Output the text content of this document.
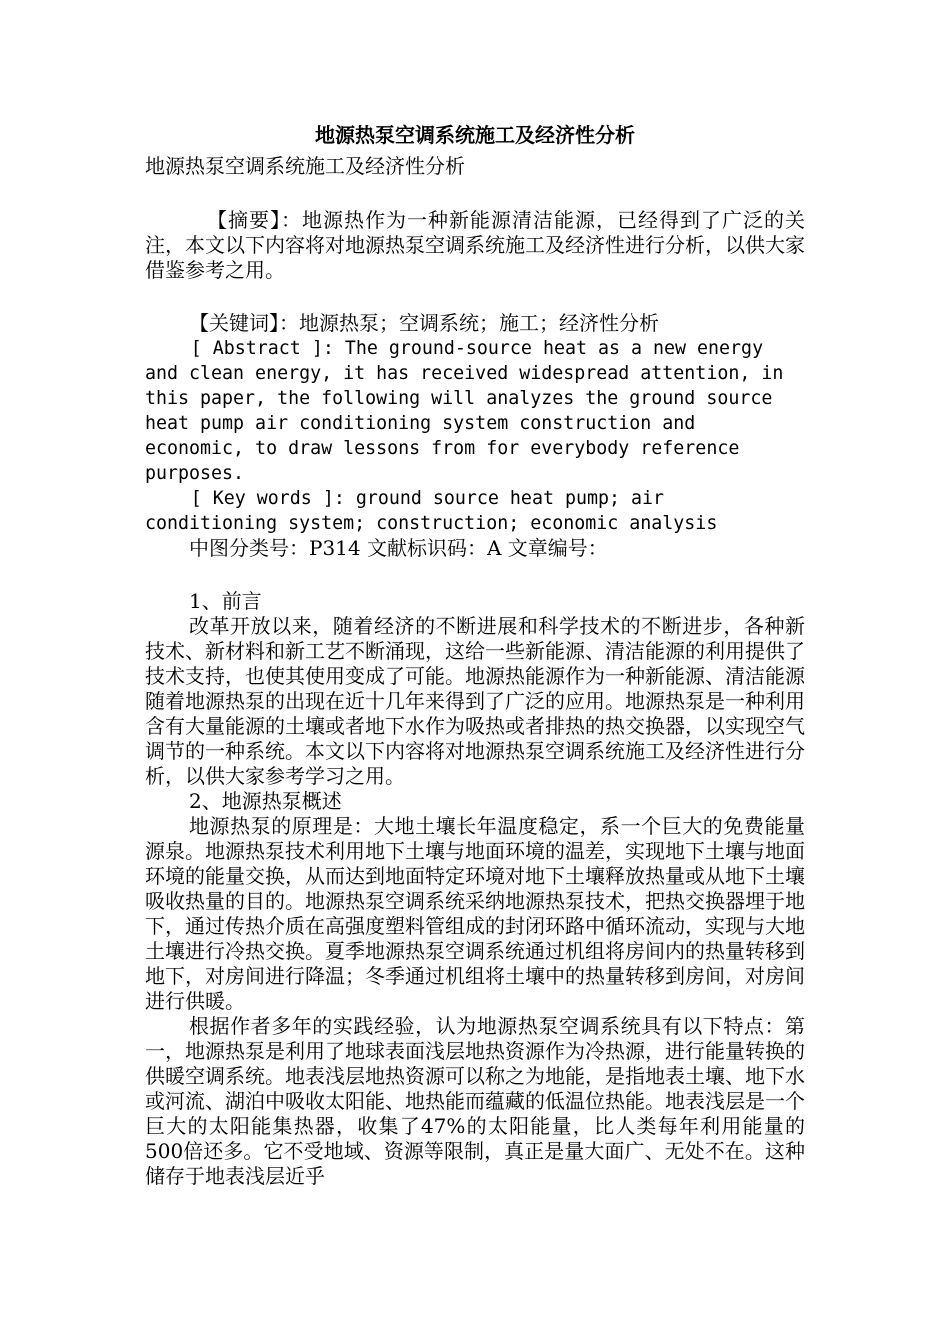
地源热泵空调系统施工及经济性分析

地源热泵空调系统施工及经济性分析

【摘要】：地源热作为一种新能源清洁能源，已经得到了广泛的关注，本文以下内容将对地源热泵空调系统施工及经济性进行分析，以供大家借鉴参考之用。

【关键词】：地源热泵；空调系统；施工；经济性分析

[ Abstract ]: The ground-source heat as a new energy and clean energy, it has received widespread attention, in this paper, the following will analyzes the ground source heat pump air conditioning system construction and economic, to draw lessons from for everybody reference purposes.

[ Key words ]: ground source heat pump; air conditioning system; construction; economic analysis

中图分类号：P314 文献标识码：A 文章编号：

1、前言

改革开放以来，随着经济的不断进展和科学技术的不断进步，各种新技术、新材料和新工艺不断涌现，这给一些新能源、清洁能源的利用提供了技术支持，也使其使用变成了可能。地源热能源作为一种新能源、清洁能源随着地源热泵的出现在近十几年来得到了广泛的应用。地源热泵是一种利用含有大量能源的土壤或者地下水作为吸热或者排热的热交换器，以实现空气调节的一种系统。本文以下内容将对地源热泵空调系统施工及经济性进行分析，以供大家参考学习之用。

2、地源热泵概述

地源热泵的原理是：大地土壤长年温度稳定，系一个巨大的免费能量源泉。地源热泵技术利用地下土壤与地面环境的温差，实现地下土壤与地面环境的能量交换，从而达到地面特定环境对地下土壤释放热量或从地下土壤吸收热量的目的。地源热泵空调系统采纳地源热泵技术，把热交换器埋于地下，通过传热介质在高强度塑料管组成的封闭环路中循环流动，实现与大地土壤进行冷热交换。夏季地源热泵空调系统通过机组将房间内的热量转移到地下，对房间进行降温；冬季通过机组将土壤中的热量转移到房间，对房间进行供暖。

根据作者多年的实践经验，认为地源热泵空调系统具有以下特点：第一，地源热泵是利用了地球表面浅层地热资源作为冷热源，进行能量转换的供暖空调系统。地表浅层地热资源可以称之为地能，是指地表土壤、地下水或河流、湖泊中吸收太阳能、地热能而蕴藏的低温位热能。地表浅层是一个巨大的太阳能集热器，收集了47%的太阳能量，比人类每年利用能量的500倍还多。它不受地域、资源等限制，真正是量大面广、无处不在。这种储存于地表浅层近乎
